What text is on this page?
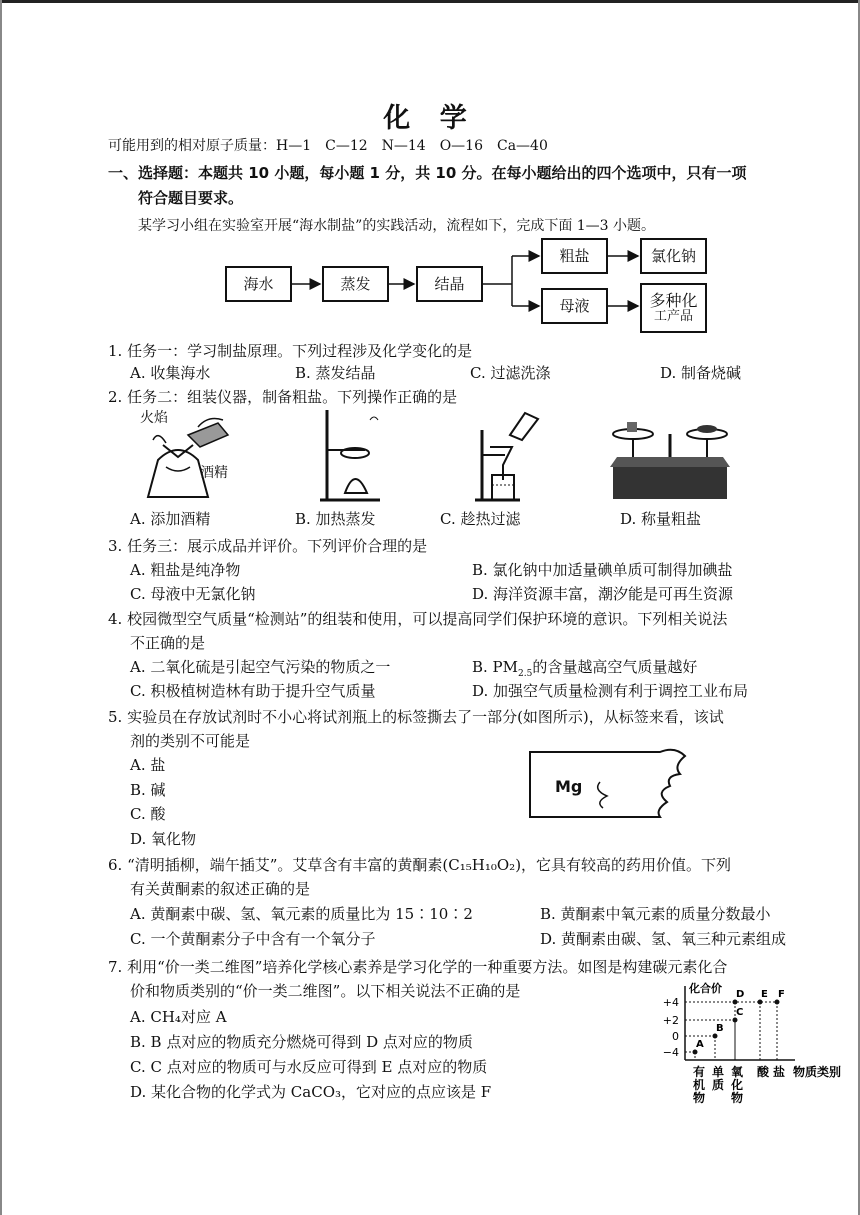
化 学
可能用到的相对原子质量：H—1　C—12　N—14　O—16　Ca—40
一、选择题：本题共 10 小题，每小题 1 分，共 10 分。在每小题给出的四个选项中，只有一项
符合题目要求。
某学习小组在实验室开展“海水制盐”的实践活动，流程如下，完成下面 1—3 小题。
海水	蒸发	结晶
粗盐	氯化钠
母液	多种化
工产品
1. 任务一：学习制盐原理。下列过程涉及化学变化的是
A. 收集海水	B. 蒸发结晶	C. 过滤洗涤	D. 制备烧碱
2. 任务二：组装仪器，制备粗盐。下列操作正确的是
火焰
酒精
A. 添加酒精	B. 加热蒸发	C. 趁热过滤	D. 称量粗盐
3. 任务三：展示成品并评价。下列评价合理的是
A. 粗盐是纯净物	B. 氯化钠中加适量碘单质可制得加碘盐
C. 母液中无氯化钠	D. 海洋资源丰富，潮汐能是可再生资源
4. 校园微型空气质量“检测站”的组装和使用，可以提高同学们保护环境的意识。下列相关说法
不正确的是
A. 二氧化硫是引起空气污染的物质之一	B. $PM_{2.5}$的含量越高空气质量越好
C. 积极植树造林有助于提升空气质量	D. 加强空气质量检测有利于调控工业布局
5. 实验员在存放试剂时不小心将试剂瓶上的标签撕去了一部分(如图所示)，从标签来看，该试
剂的类别不可能是
A. 盐
B. 碱
C. 酸
D. 氧化物
Mg
6. “清明插柳，端午插艾”。艾草含有丰富的黄酮素(C₁₅H₁₀O₂)，它具有较高的药用价值。下列
有关黄酮素的叙述正确的是
A. 黄酮素中碳、氢、氧元素的质量比为 15∶10∶2	B. 黄酮素中氧元素的质量分数最小
C. 一个黄酮素分子中含有一个氧分子	D. 黄酮素由碳、氢、氧三种元素组成
7. 利用“价一类二维图”培养化学核心素养是学习化学的一种重要方法。如图是构建碳元素化合
价和物质类别的“价一类二维图”。以下相关说法不正确的是
A. CH₄对应 A
B. B 点对应的物质充分燃烧可得到 D 点对应的物质
C. C 点对应的物质可与水反应可得到 E 点对应的物质
D. 某化合物的化学式为 CaCO₃，它对应的点应该是 F
化合价
+4
+2
0
−4
A
B
C
D E F
有
机
物
单
质
氧
化
物
酸 盐 物质类别
